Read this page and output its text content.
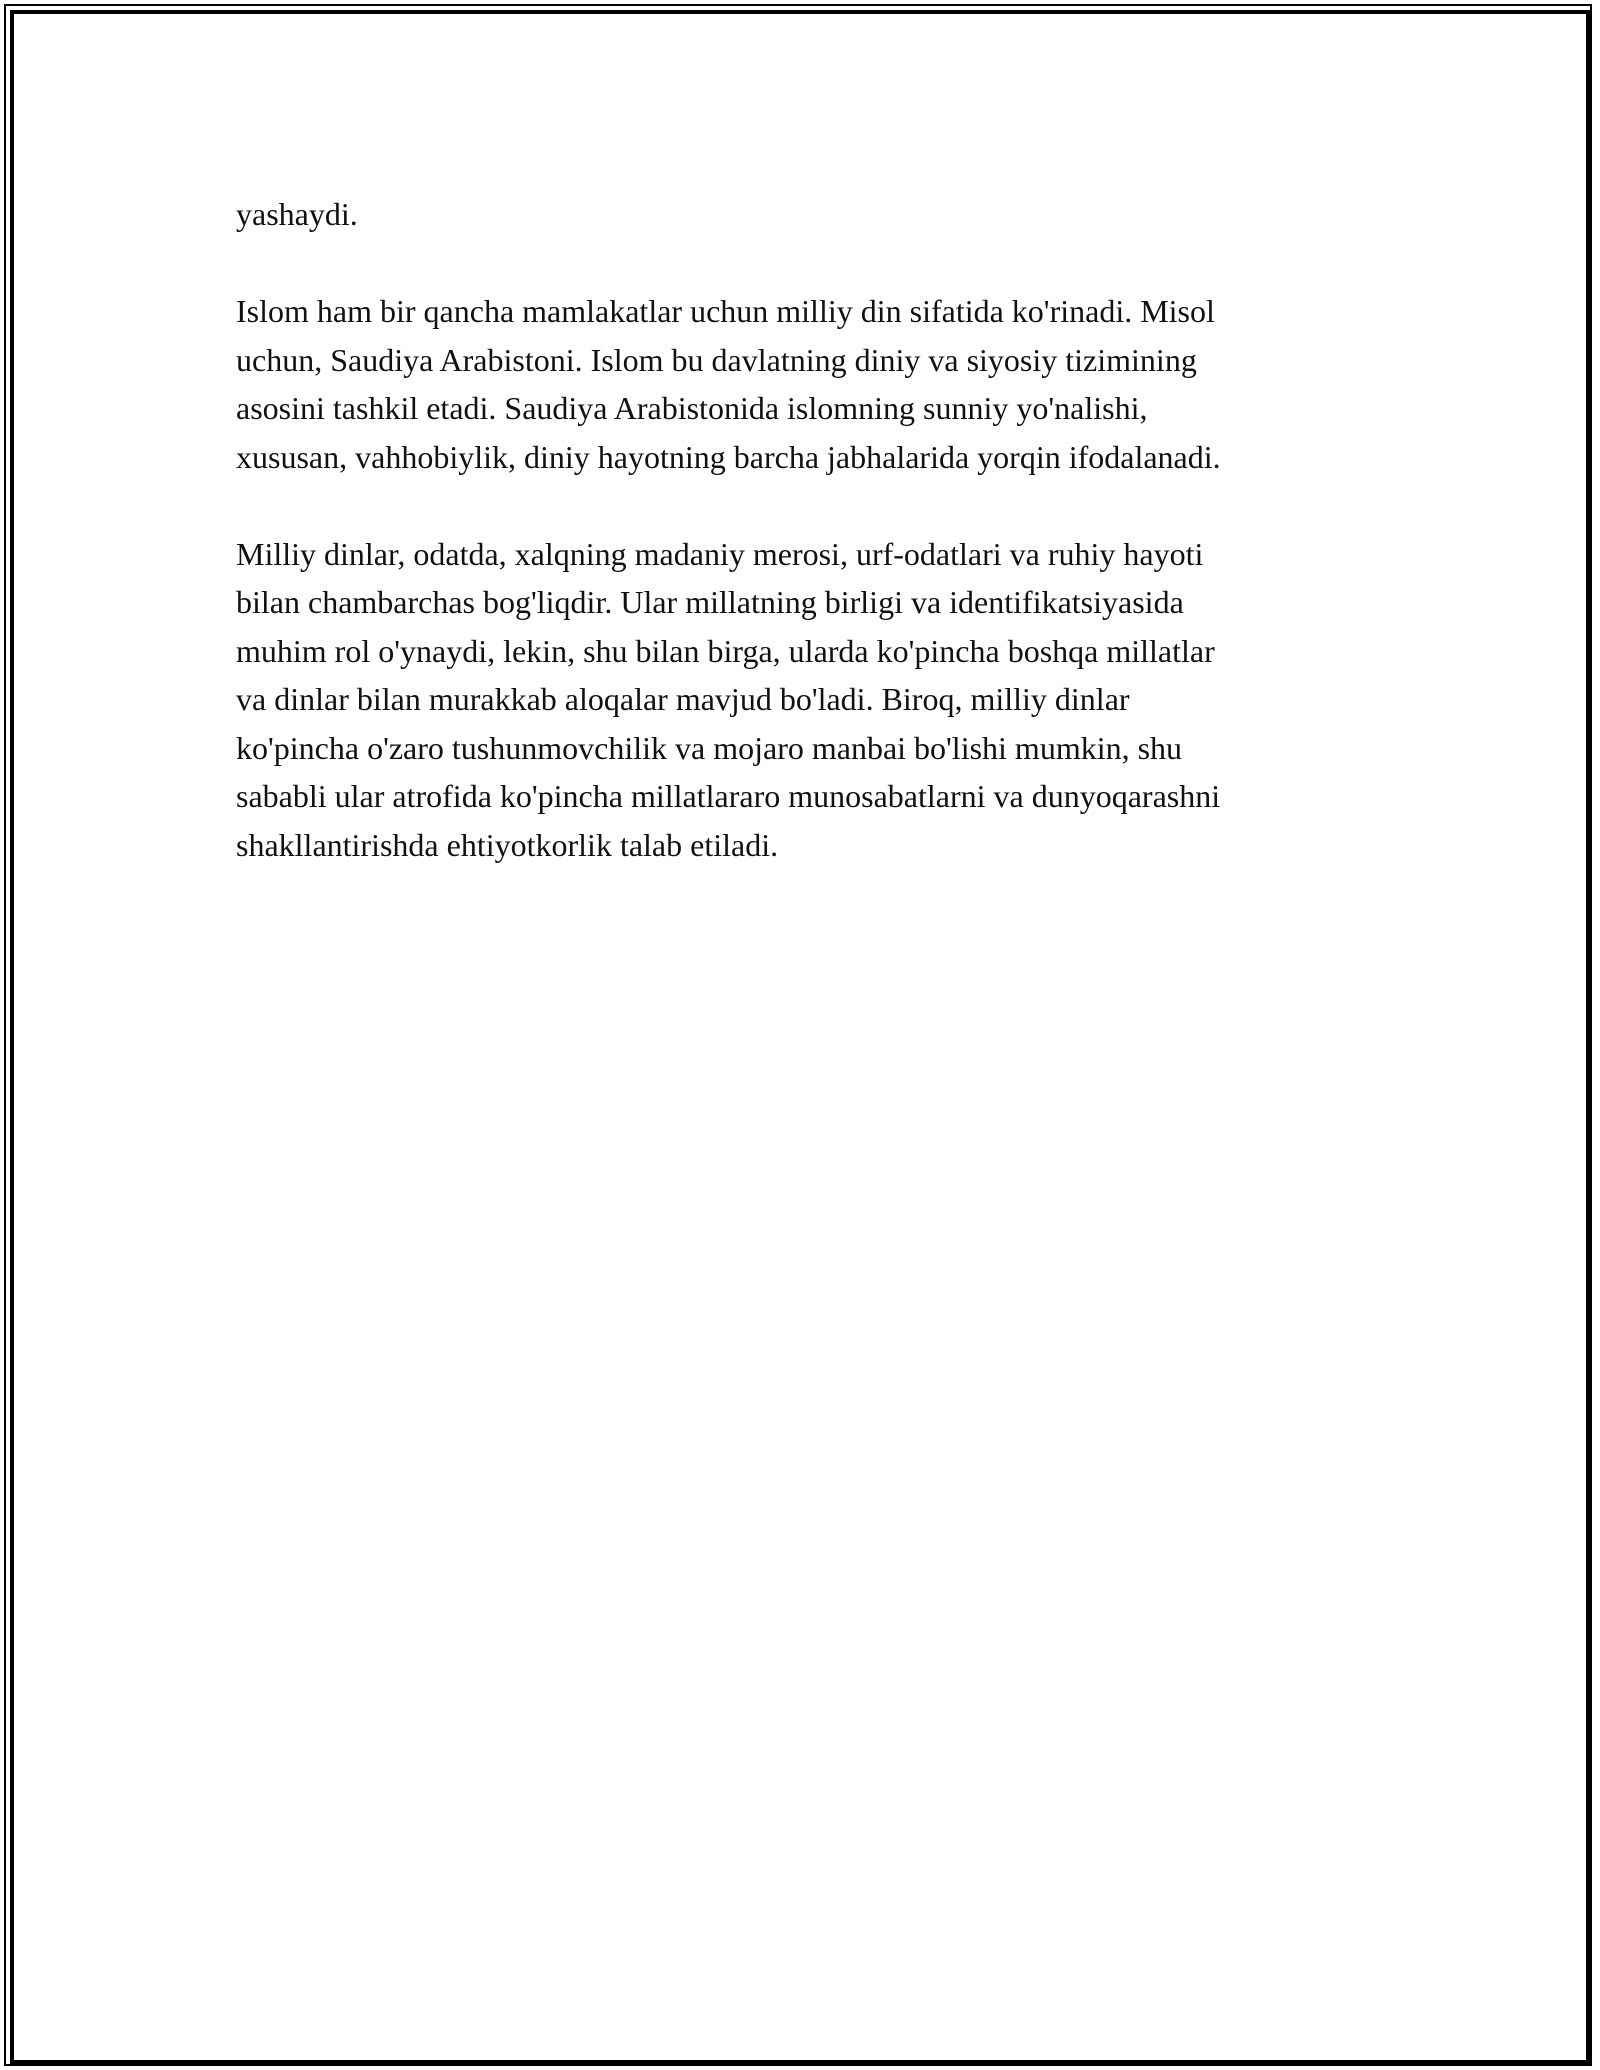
yashaydi.

Islom ham bir qancha mamlakatlar uchun milliy din sifatida ko'rinadi. Misol
uchun, Saudiya Arabistoni. Islom bu davlatning diniy va siyosiy tizimining
asosini tashkil etadi. Saudiya Arabistonida islomning sunniy yo'nalishi,
xususan, vahhobiylik, diniy hayotning barcha jabhalarida yorqin ifodalanadi.

Milliy dinlar, odatda, xalqning madaniy merosi, urf-odatlari va ruhiy hayoti
bilan chambarchas bog'liqdir. Ular millatning birligi va identifikatsiyasida
muhim rol o'ynaydi, lekin, shu bilan birga, ularda ko'pincha boshqa millatlar
va dinlar bilan murakkab aloqalar mavjud bo'ladi. Biroq, milliy dinlar
ko'pincha o'zaro tushunmovchilik va mojaro manbai bo'lishi mumkin, shu
sababli ular atrofida ko'pincha millatlararo munosabatlarni va dunyoqarashni
shakllantirishda ehtiyotkorlik talab etiladi.
